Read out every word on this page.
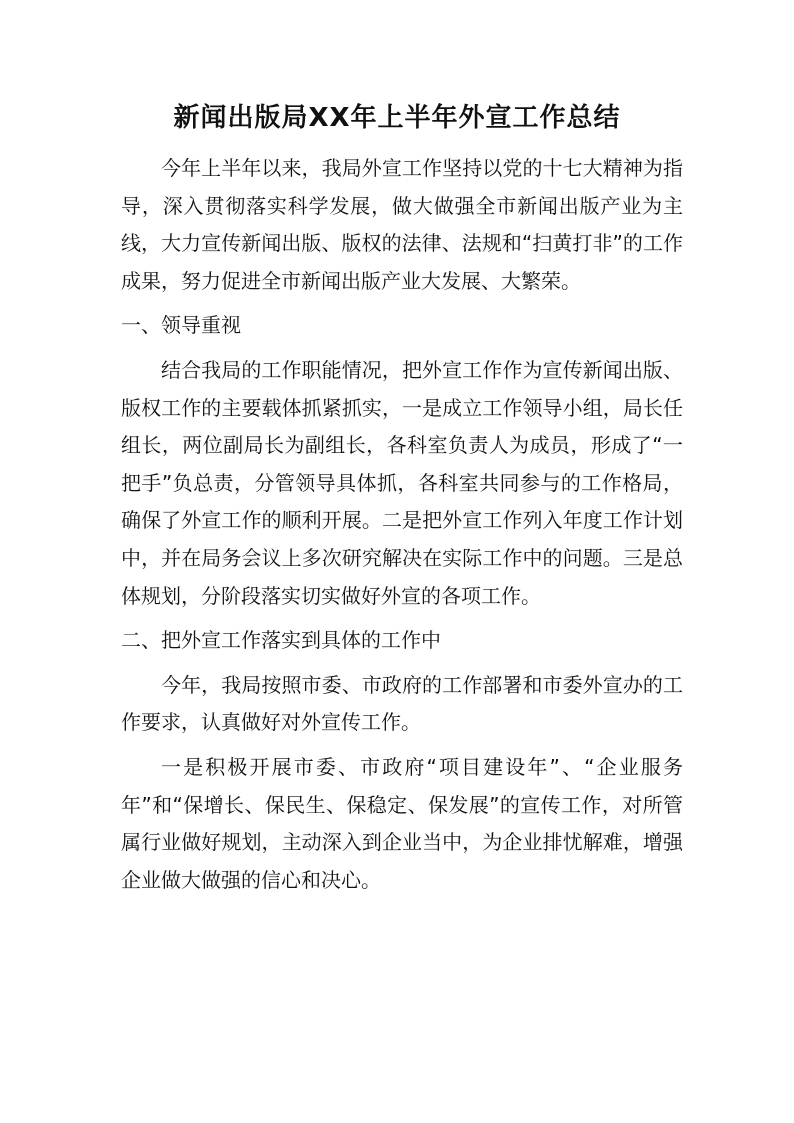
新闻出版局XX年上半年外宣工作总结

今年上半年以来，我局外宣工作坚持以党的十七大精神为指导，深入贯彻落实科学发展，做大做强全市新闻出版产业为主线，大力宣传新闻出版、版权的法律、法规和“扫黄打非”的工作成果，努力促进全市新闻出版产业大发展、大繁荣。

一、领导重视

结合我局的工作职能情况，把外宣工作作为宣传新闻出版、版权工作的主要载体抓紧抓实，一是成立工作领导小组，局长任组长，两位副局长为副组长，各科室负责人为成员，形成了“一把手”负总责，分管领导具体抓，各科室共同参与的工作格局，确保了外宣工作的顺利开展。二是把外宣工作列入年度工作计划中，并在局务会议上多次研究解决在实际工作中的问题。三是总体规划，分阶段落实切实做好外宣的各项工作。

二、把外宣工作落实到具体的工作中

今年，我局按照市委、市政府的工作部署和市委外宣办的工作要求，认真做好对外宣传工作。

一是积极开展市委、市政府“项目建设年”、“企业服务年”和“保增长、保民生、保稳定、保发展”的宣传工作，对所管属行业做好规划，主动深入到企业当中，为企业排忧解难，增强企业做大做强的信心和决心。
